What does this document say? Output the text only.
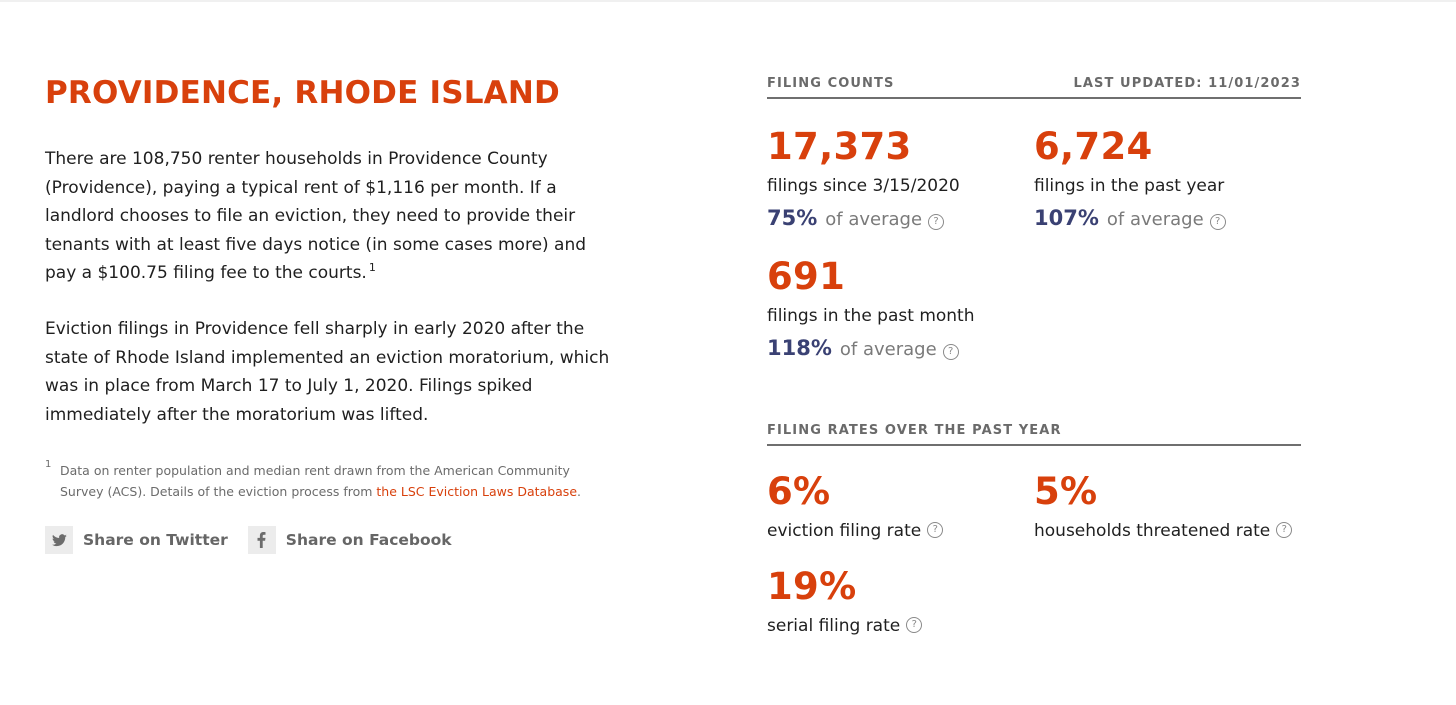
PROVIDENCE, RHODE ISLAND

There are 108,750 renter households in Providence County (Providence), paying a typical rent of $1,116 per month. If a landlord chooses to file an eviction, they need to provide their tenants with at least five days notice (in some cases more) and pay a $100.75 filing fee to the courts. $^1$

Eviction filings in Providence fell sharply in early 2020 after the state of Rhode Island implemented an eviction moratorium, which was in place from March 17 to July 1, 2020. Filings spiked immediately after the moratorium was lifted.

1 Data on renter population and median rent drawn from the American Community Survey (ACS). Details of the eviction process from the LSC Eviction Laws Database.
Share on Twitter	Share on Facebook
FILING COUNTS	LAST UPDATED: 11/01/2023
17,373
filings since 3/15/2020
75% of average	?
6,724
filings in the past year
107% of average	?
691
filings in the past month
118% of average	?
FILING RATES OVER THE PAST YEAR
6%
eviction filing rate ?
5%
households threatened rate ?
19%
serial filing rate ?
